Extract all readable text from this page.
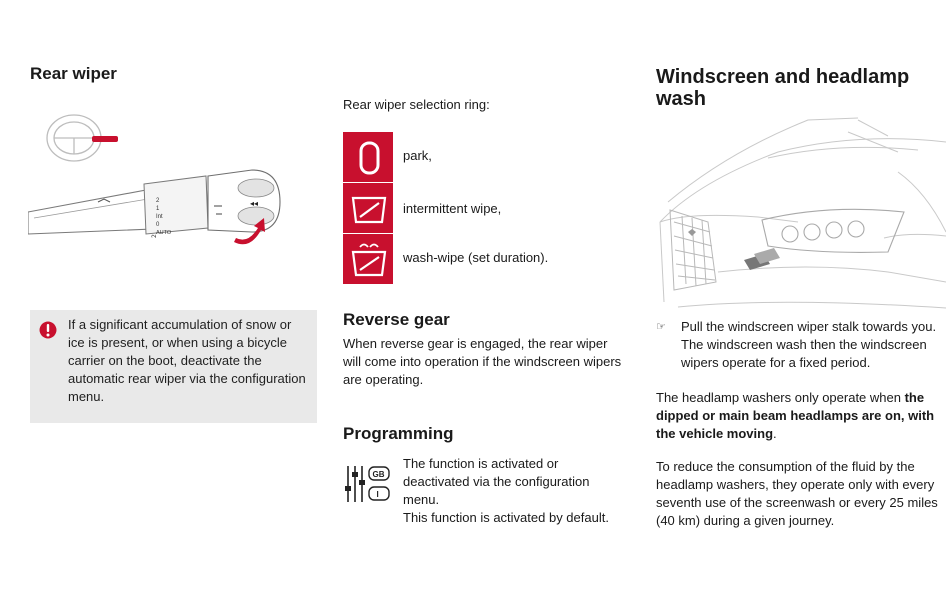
Rear wiper
2
2
1
Int
0
AUTO
◂◂

If a significant accumulation of snow or ice is present, or when using a bicycle carrier on the boot, deactivate the automatic rear wiper via the configuration menu.

Rear wiper selection ring:

park,
intermittent wipe,
wash-wipe (set duration).
Reverse gear

When reverse gear is engaged, the rear wiper will come into operation if the windscreen wipers are operating.

Programming
GB
I

The function is activated or deactivated via the configuration menu.

This function is activated by default.

Windscreen and headlamp wash
☞ Pull the windscreen wiper stalk towards you. The windscreen wash then the windscreen wipers operate for a fixed period.

The headlamp washers only operate when the dipped or main beam headlamps are on, with the vehicle moving.

To reduce the consumption of the fluid by the headlamp washers, they operate only with every seventh use of the screenwash or every 25 miles (40 km) during a given journey.
